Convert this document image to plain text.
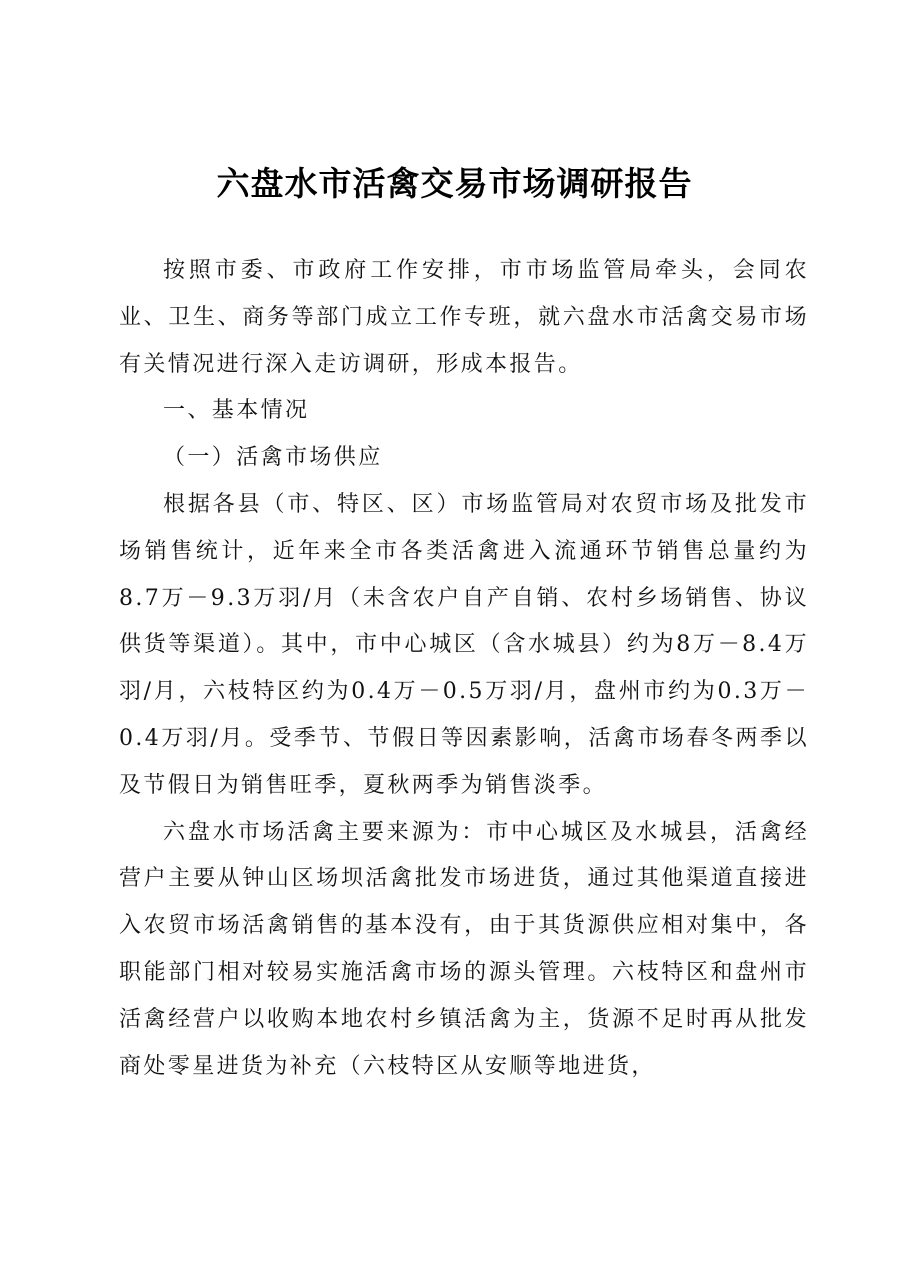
六盘水市活禽交易市场调研报告

按照市委、市政府工作安排，市市场监管局牵头，会同农业、卫生、商务等部门成立工作专班，就六盘水市活禽交易市场有关情况进行深入走访调研，形成本报告。

一、基本情况

（一）活禽市场供应

根据各县（市、特区、区）市场监管局对农贸市场及批发市场销售统计，近年来全市各类活禽进入流通环节销售总量约为8.7万－9.3万羽/月（未含农户自产自销、农村乡场销售、协议供货等渠道）。其中，市中心城区（含水城县）约为8万－8.4万羽/月，六枝特区约为0.4万－0.5万羽/月，盘州市约为0.3万－0.4万羽/月。受季节、节假日等因素影响，活禽市场春冬两季以及节假日为销售旺季，夏秋两季为销售淡季。

六盘水市场活禽主要来源为：市中心城区及水城县，活禽经营户主要从钟山区场坝活禽批发市场进货，通过其他渠道直接进入农贸市场活禽销售的基本没有，由于其货源供应相对集中，各职能部门相对较易实施活禽市场的源头管理。六枝特区和盘州市活禽经营户以收购本地农村乡镇活禽为主，货源不足时再从批发商处零星进货为补充（六枝特区从安顺等地进货，
